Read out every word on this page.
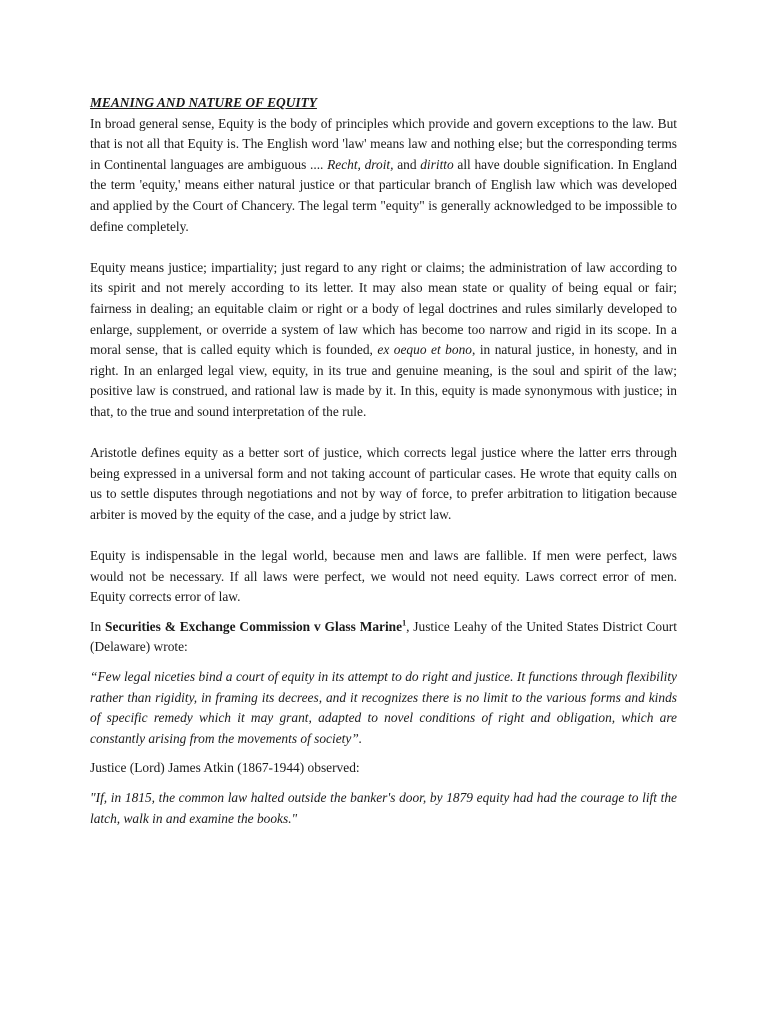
MEANING AND NATURE OF EQUITY

In broad general sense, Equity is the body of principles which provide and govern exceptions to the law. But that is not all that Equity is. The English word 'law' means law and nothing else; but the corresponding terms in Continental languages are ambiguous .... Recht, droit, and diritto all have double signification. In England the term 'equity,' means either natural justice or that particular branch of English law which was developed and applied by the Court of Chancery. The legal term "equity" is generally acknowledged to be impossible to define completely.

Equity means justice; impartiality; just regard to any right or claims; the administration of law according to its spirit and not merely according to its letter. It may also mean state or quality of being equal or fair; fairness in dealing; an equitable claim or right or a body of legal doctrines and rules similarly developed to enlarge, supplement, or override a system of law which has become too narrow and rigid in its scope. In a moral sense, that is called equity which is founded, ex oequo et bono, in natural justice, in honesty, and in right. In an enlarged legal view, equity, in its true and genuine meaning, is the soul and spirit of the law; positive law is construed, and rational law is made by it. In this, equity is made synonymous with justice; in that, to the true and sound interpretation of the rule.

Aristotle defines equity as a better sort of justice, which corrects legal justice where the latter errs through being expressed in a universal form and not taking account of particular cases. He wrote that equity calls on us to settle disputes through negotiations and not by way of force, to prefer arbitration to litigation because arbiter is moved by the equity of the case, and a judge by strict law.

Equity is indispensable in the legal world, because men and laws are fallible. If men were perfect, laws would not be necessary. If all laws were perfect, we would not need equity. Laws correct error of men. Equity corrects error of law.

In Securities & Exchange Commission v Glass Marine$^1$, Justice Leahy of the United States District Court (Delaware) wrote:

“Few legal niceties bind a court of equity in its attempt to do right and justice. It functions through flexibility rather than rigidity, in framing its decrees, and it recognizes there is no limit to the various forms and kinds of specific remedy which it may grant, adapted to novel conditions of right and obligation, which are constantly arising from the movements of society”.

Justice (Lord) James Atkin (1867-1944) observed:

"If, in 1815, the common law halted outside the banker's door, by 1879 equity had had the courage to lift the latch, walk in and examine the books."
